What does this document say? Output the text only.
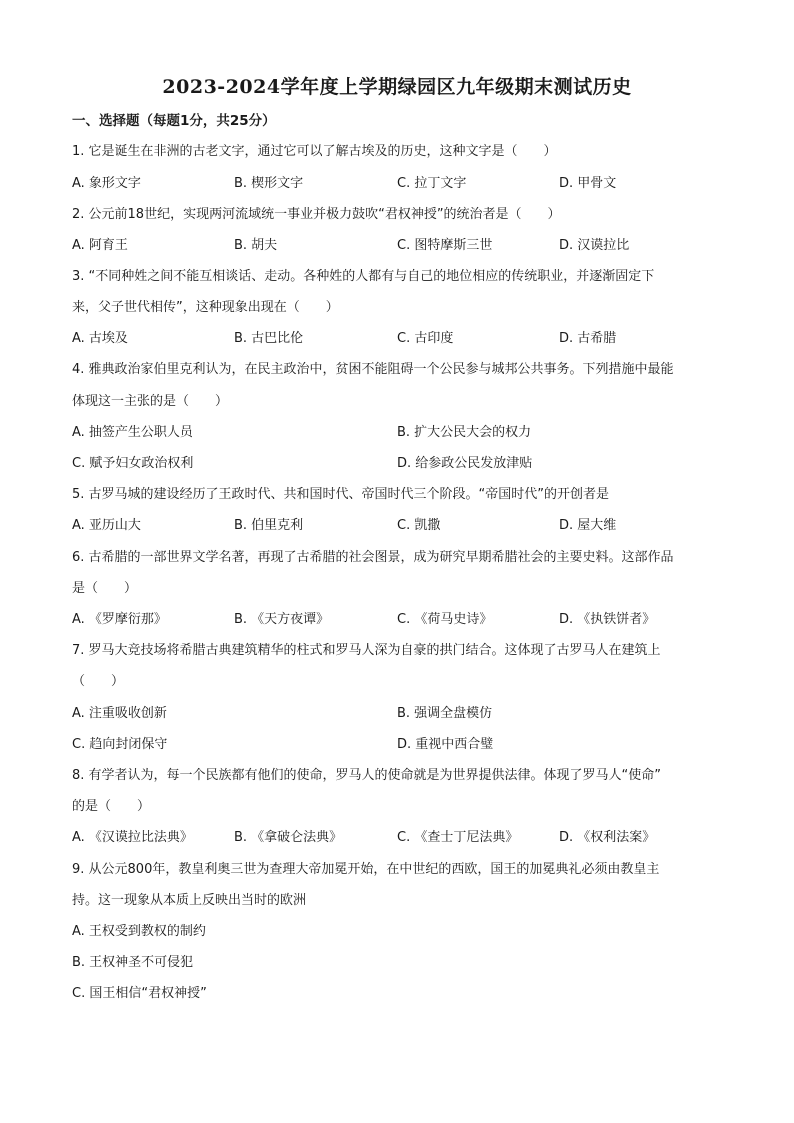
2023-2024学年度上学期绿园区九年级期末测试历史
一、选择题（每题1分，共25分）
1. 它是诞生在非洲的古老文字，通过它可以了解古埃及的历史，这种文字是（　　）
A. 象形文字	B. 楔形文字	C. 拉丁文字	D. 甲骨文
2. 公元前18世纪，实现两河流域统一事业并极力鼓吹“君权神授”的统治者是（　　）
A. 阿育王	B. 胡夫	C. 图特摩斯三世	D. 汉谟拉比
3. “不同种姓之间不能互相谈话、走动。各种姓的人都有与自己的地位相应的传统职业，并逐渐固定下
来，父子世代相传”，这种现象出现在（　　）
A. 古埃及	B. 古巴比伦	C. 古印度	D. 古希腊
4. 雅典政治家伯里克利认为，在民主政治中，贫困不能阻碍一个公民参与城邦公共事务。下列措施中最能
体现这一主张的是（　　）
A. 抽签产生公职人员	B. 扩大公民大会的权力
C. 赋予妇女政治权利	D. 给参政公民发放津贴
5. 古罗马城的建设经历了王政时代、共和国时代、帝国时代三个阶段。“帝国时代”的开创者是
A. 亚历山大	B. 伯里克利	C. 凯撒	D. 屋大维
6. 古希腊的一部世界文学名著，再现了古希腊的社会图景，成为研究早期希腊社会的主要史料。这部作品
是（　　）
A. 《罗摩衍那》	B. 《天方夜谭》	C. 《荷马史诗》	D. 《执铁饼者》
7. 罗马大竞技场将希腊古典建筑精华的柱式和罗马人深为自豪的拱门结合。这体现了古罗马人在建筑上
（　　）
A. 注重吸收创新	B. 强调全盘模仿
C. 趋向封闭保守	D. 重视中西合璧
8. 有学者认为，每一个民族都有他们的使命，罗马人的使命就是为世界提供法律。体现了罗马人“使命”
的是（　　）
A. 《汉谟拉比法典》	B. 《拿破仑法典》	C. 《查士丁尼法典》	D. 《权利法案》
9. 从公元800年，教皇利奥三世为查理大帝加冕开始，在中世纪的西欧，国王的加冕典礼必须由教皇主
持。这一现象从本质上反映出当时的欧洲
A. 王权受到教权的制约
B. 王权神圣不可侵犯
C. 国王相信“君权神授”
